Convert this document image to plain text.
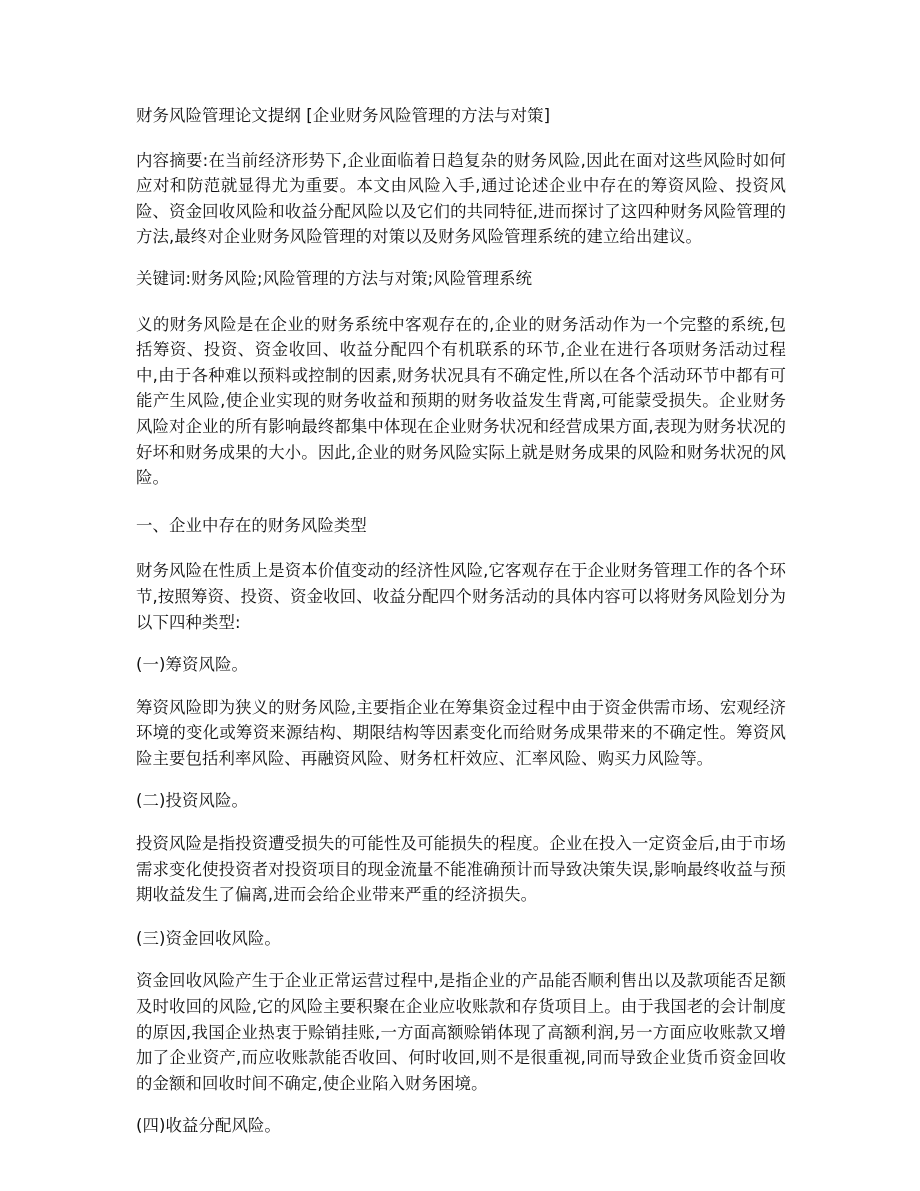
财务风险管理论文提纲 [企业财务风险管理的方法与对策]

内容摘要:在当前经济形势下,企业面临着日趋复杂的财务风险,因此在面对这些风险时如何应对和防范就显得尤为重要。本文由风险入手,通过论述企业中存在的筹资风险、投资风险、资金回收风险和收益分配风险以及它们的共同特征,进而探讨了这四种财务风险管理的方法,最终对企业财务风险管理的对策以及财务风险管理系统的建立给出建议。

关键词:财务风险;风险管理的方法与对策;风险管理系统

义的财务风险是在企业的财务系统中客观存在的,企业的财务活动作为一个完整的系统,包括筹资、投资、资金收回、收益分配四个有机联系的环节,企业在进行各项财务活动过程中,由于各种难以预料或控制的因素,财务状况具有不确定性,所以在各个活动环节中都有可能产生风险,使企业实现的财务收益和预期的财务收益发生背离,可能蒙受损失。企业财务风险对企业的所有影响最终都集中体现在企业财务状况和经营成果方面,表现为财务状况的好坏和财务成果的大小。因此,企业的财务风险实际上就是财务成果的风险和财务状况的风险。

一、企业中存在的财务风险类型

财务风险在性质上是资本价值变动的经济性风险,它客观存在于企业财务管理工作的各个环节,按照筹资、投资、资金收回、收益分配四个财务活动的具体内容可以将财务风险划分为以下四种类型:

(一)筹资风险。

筹资风险即为狭义的财务风险,主要指企业在筹集资金过程中由于资金供需市场、宏观经济环境的变化或筹资来源结构、期限结构等因素变化而给财务成果带来的不确定性。筹资风险主要包括利率风险、再融资风险、财务杠杆效应、汇率风险、购买力风险等。

(二)投资风险。

投资风险是指投资遭受损失的可能性及可能损失的程度。企业在投入一定资金后,由于市场需求变化使投资者对投资项目的现金流量不能准确预计而导致决策失误,影响最终收益与预期收益发生了偏离,进而会给企业带来严重的经济损失。

(三)资金回收风险。

资金回收风险产生于企业正常运营过程中,是指企业的产品能否顺利售出以及款项能否足额及时收回的风险,它的风险主要积聚在企业应收账款和存货项目上。由于我国老的会计制度的原因,我国企业热衷于赊销挂账,一方面高额赊销体现了高额利润,另一方面应收账款又增加了企业资产,而应收账款能否收回、何时收回,则不是很重视,同而导致企业货币资金回收的金额和回收时间不确定,使企业陷入财务困境。

(四)收益分配风险。
